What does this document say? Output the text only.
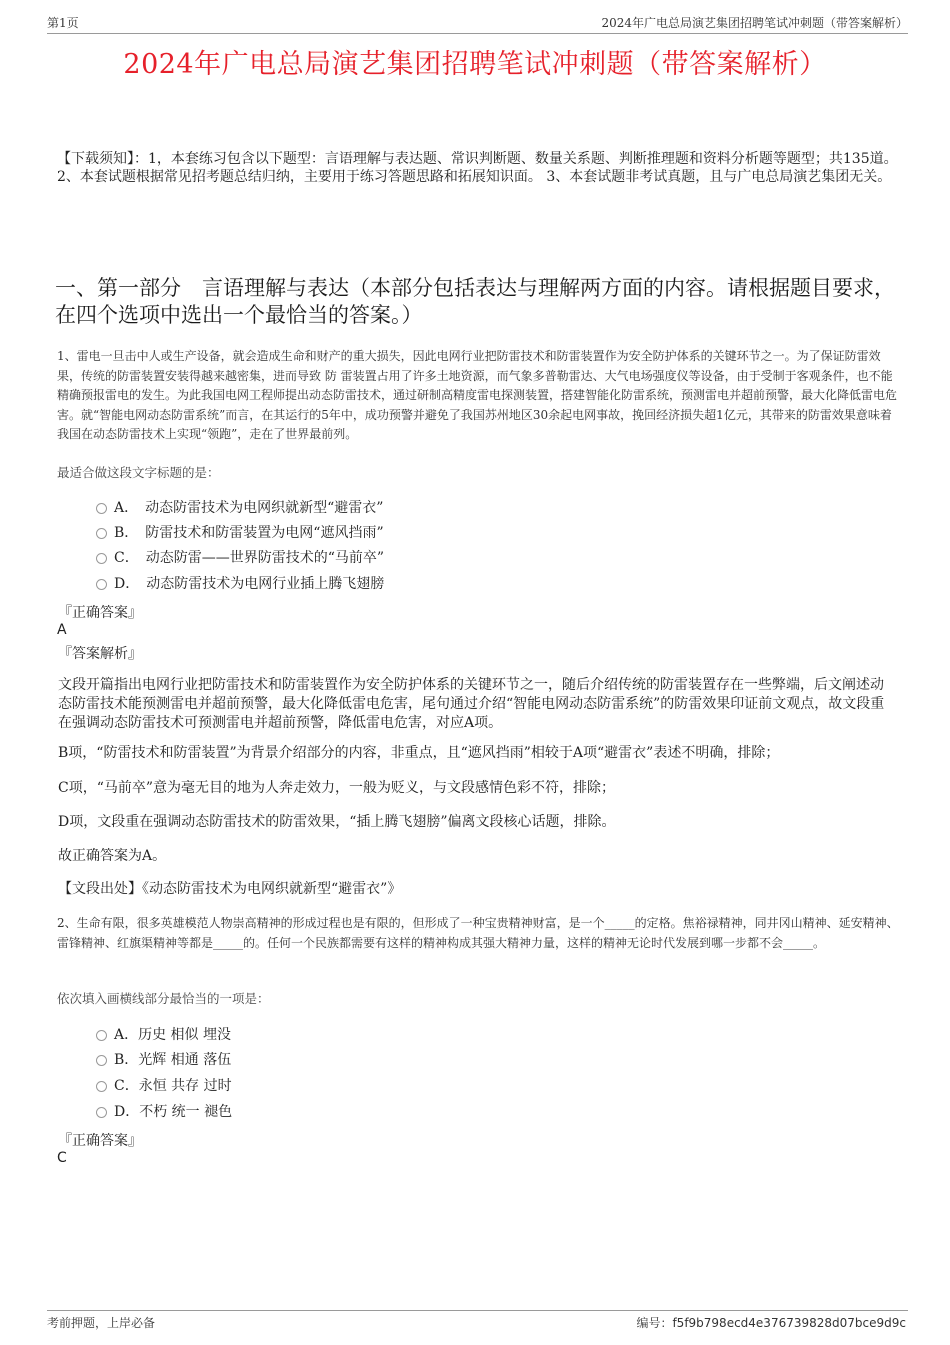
第1页	2024年广电总局演艺集团招聘笔试冲刺题（带答案解析）
2024年广电总局演艺集团招聘笔试冲刺题（带答案解析）
【下载须知】：1，本套练习包含以下题型：言语理解与表达题、常识判断题、数量关系题、判断推理题和资料分析题等题型；共135道。 2、本套试题根据常见招考题总结归纳，主要用于练习答题思路和拓展知识面。 3、本套试题非考试真题，且与广电总局演艺集团无关。
一、第一部分　言语理解与表达（本部分包括表达与理解两方面的内容。请根据题目要求，在四个选项中选出一个最恰当的答案。）
1、雷电一旦击中人或生产设备，就会造成生命和财产的重大损失，因此电网行业把防雷技术和防雷装置作为安全防护体系的关键环节之一。为了保证防雷效果，传统的防雷装置安装得越来越密集，进而导致 防 雷装置占用了许多土地资源，而气象多普勒雷达、大气电场强度仪等设备，由于受制于客观条件，也不能精确预报雷电的发生。为此我国电网工程师提出动态防雷技术，通过研制高精度雷电探测装置，搭建智能化防雷系统，预测雷电并超前预警，最大化降低雷电危害。就“智能电网动态防雷系统”而言，在其运行的5年中，成功预警并避免了我国苏州地区30余起电网事故，挽回经济损失超1亿元，其带来的防雷效果意味着我国在动态防雷技术上实现“领跑”，走在了世界最前列。
最适合做这段文字标题的是：
A．　动态防雷技术为电网织就新型“避雷衣”
B．　防雷技术和防雷装置为电网“遮风挡雨”
C．　动态防雷——世界防雷技术的“马前卒”
D．　动态防雷技术为电网行业插上腾飞翅膀
『正确答案』
A
『答案解析』
文段开篇指出电网行业把防雷技术和防雷装置作为安全防护体系的关键环节之一，随后介绍传统的防雷装置存在一些弊端，后文阐述动态防雷技术能预测雷电并超前预警，最大化降低雷电危害，尾句通过介绍“智能电网动态防雷系统”的防雷效果印证前文观点，故文段重在强调动态防雷技术可预测雷电并超前预警，降低雷电危害，对应A项。
B项，“防雷技术和防雷装置”为背景介绍部分的内容，非重点，且“遮风挡雨”相较于A项“避雷衣”表述不明确，排除；
C项，“马前卒”意为毫无目的地为人奔走效力，一般为贬义，与文段感情色彩不符，排除；
D项，文段重在强调动态防雷技术的防雷效果，“插上腾飞翅膀”偏离文段核心话题，排除。
故正确答案为A。
【文段出处】《动态防雷技术为电网织就新型“避雷衣”》
2、生命有限，很多英雄模范人物崇高精神的形成过程也是有限的，但形成了一种宝贵精神财富，是一个_____的定格。焦裕禄精神，同井冈山精神、延安精神、雷锋精神、红旗渠精神等都是_____的。任何一个民族都需要有这样的精神构成其强大精神力量，这样的精神无论时代发展到哪一步都不会_____。
依次填入画横线部分最恰当的一项是：
A．历史 相似 埋没
B．光辉 相通 落伍
C．永恒 共存 过时
D．不朽 统一 褪色
『正确答案』
C
考前押题，上岸必备	编号：f5f9b798ecd4e376739828d07bce9d9c
